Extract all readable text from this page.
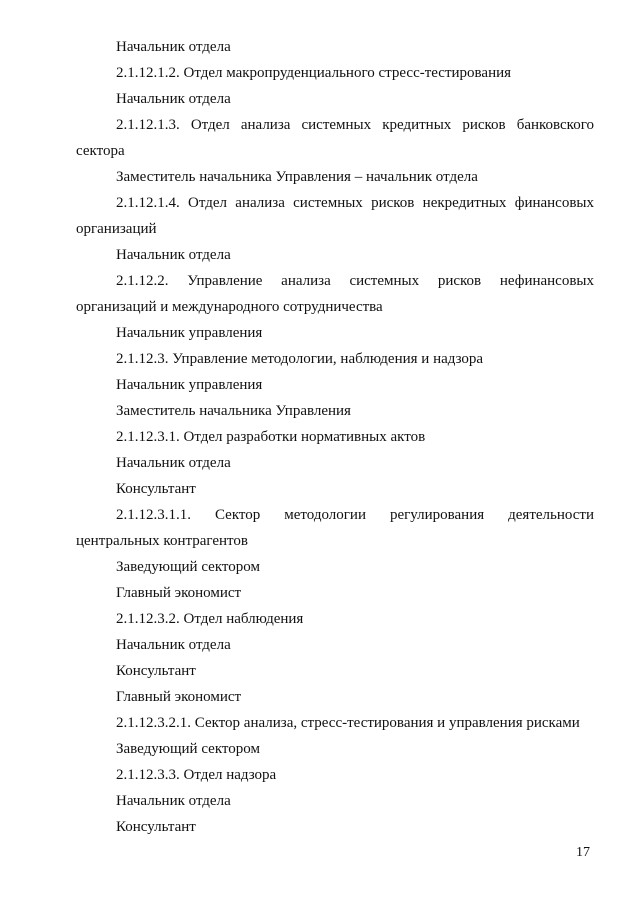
Начальник отдела
2.1.12.1.2. Отдел макропруденциального стресс-тестирования
Начальник отдела
2.1.12.1.3. Отдел анализа системных кредитных рисков банковского
сектора
Заместитель начальника Управления – начальник отдела
2.1.12.1.4. Отдел анализа системных рисков некредитных финансовых
организаций
Начальник отдела
2.1.12.2. Управление анализа системных рисков нефинансовых
организаций и международного сотрудничества
Начальник управления
2.1.12.3. Управление методологии, наблюдения и надзора
Начальник управления
Заместитель начальника Управления
2.1.12.3.1. Отдел разработки нормативных актов
Начальник отдела
Консультант
2.1.12.3.1.1. Сектор методологии регулирования деятельности
центральных контрагентов
Заведующий сектором
Главный экономист
2.1.12.3.2. Отдел наблюдения
Начальник отдела
Консультант
Главный экономист
2.1.12.3.2.1. Сектор анализа, стресс-тестирования и управления рисками
Заведующий сектором
2.1.12.3.3. Отдел надзора
Начальник отдела
Консультант
17
